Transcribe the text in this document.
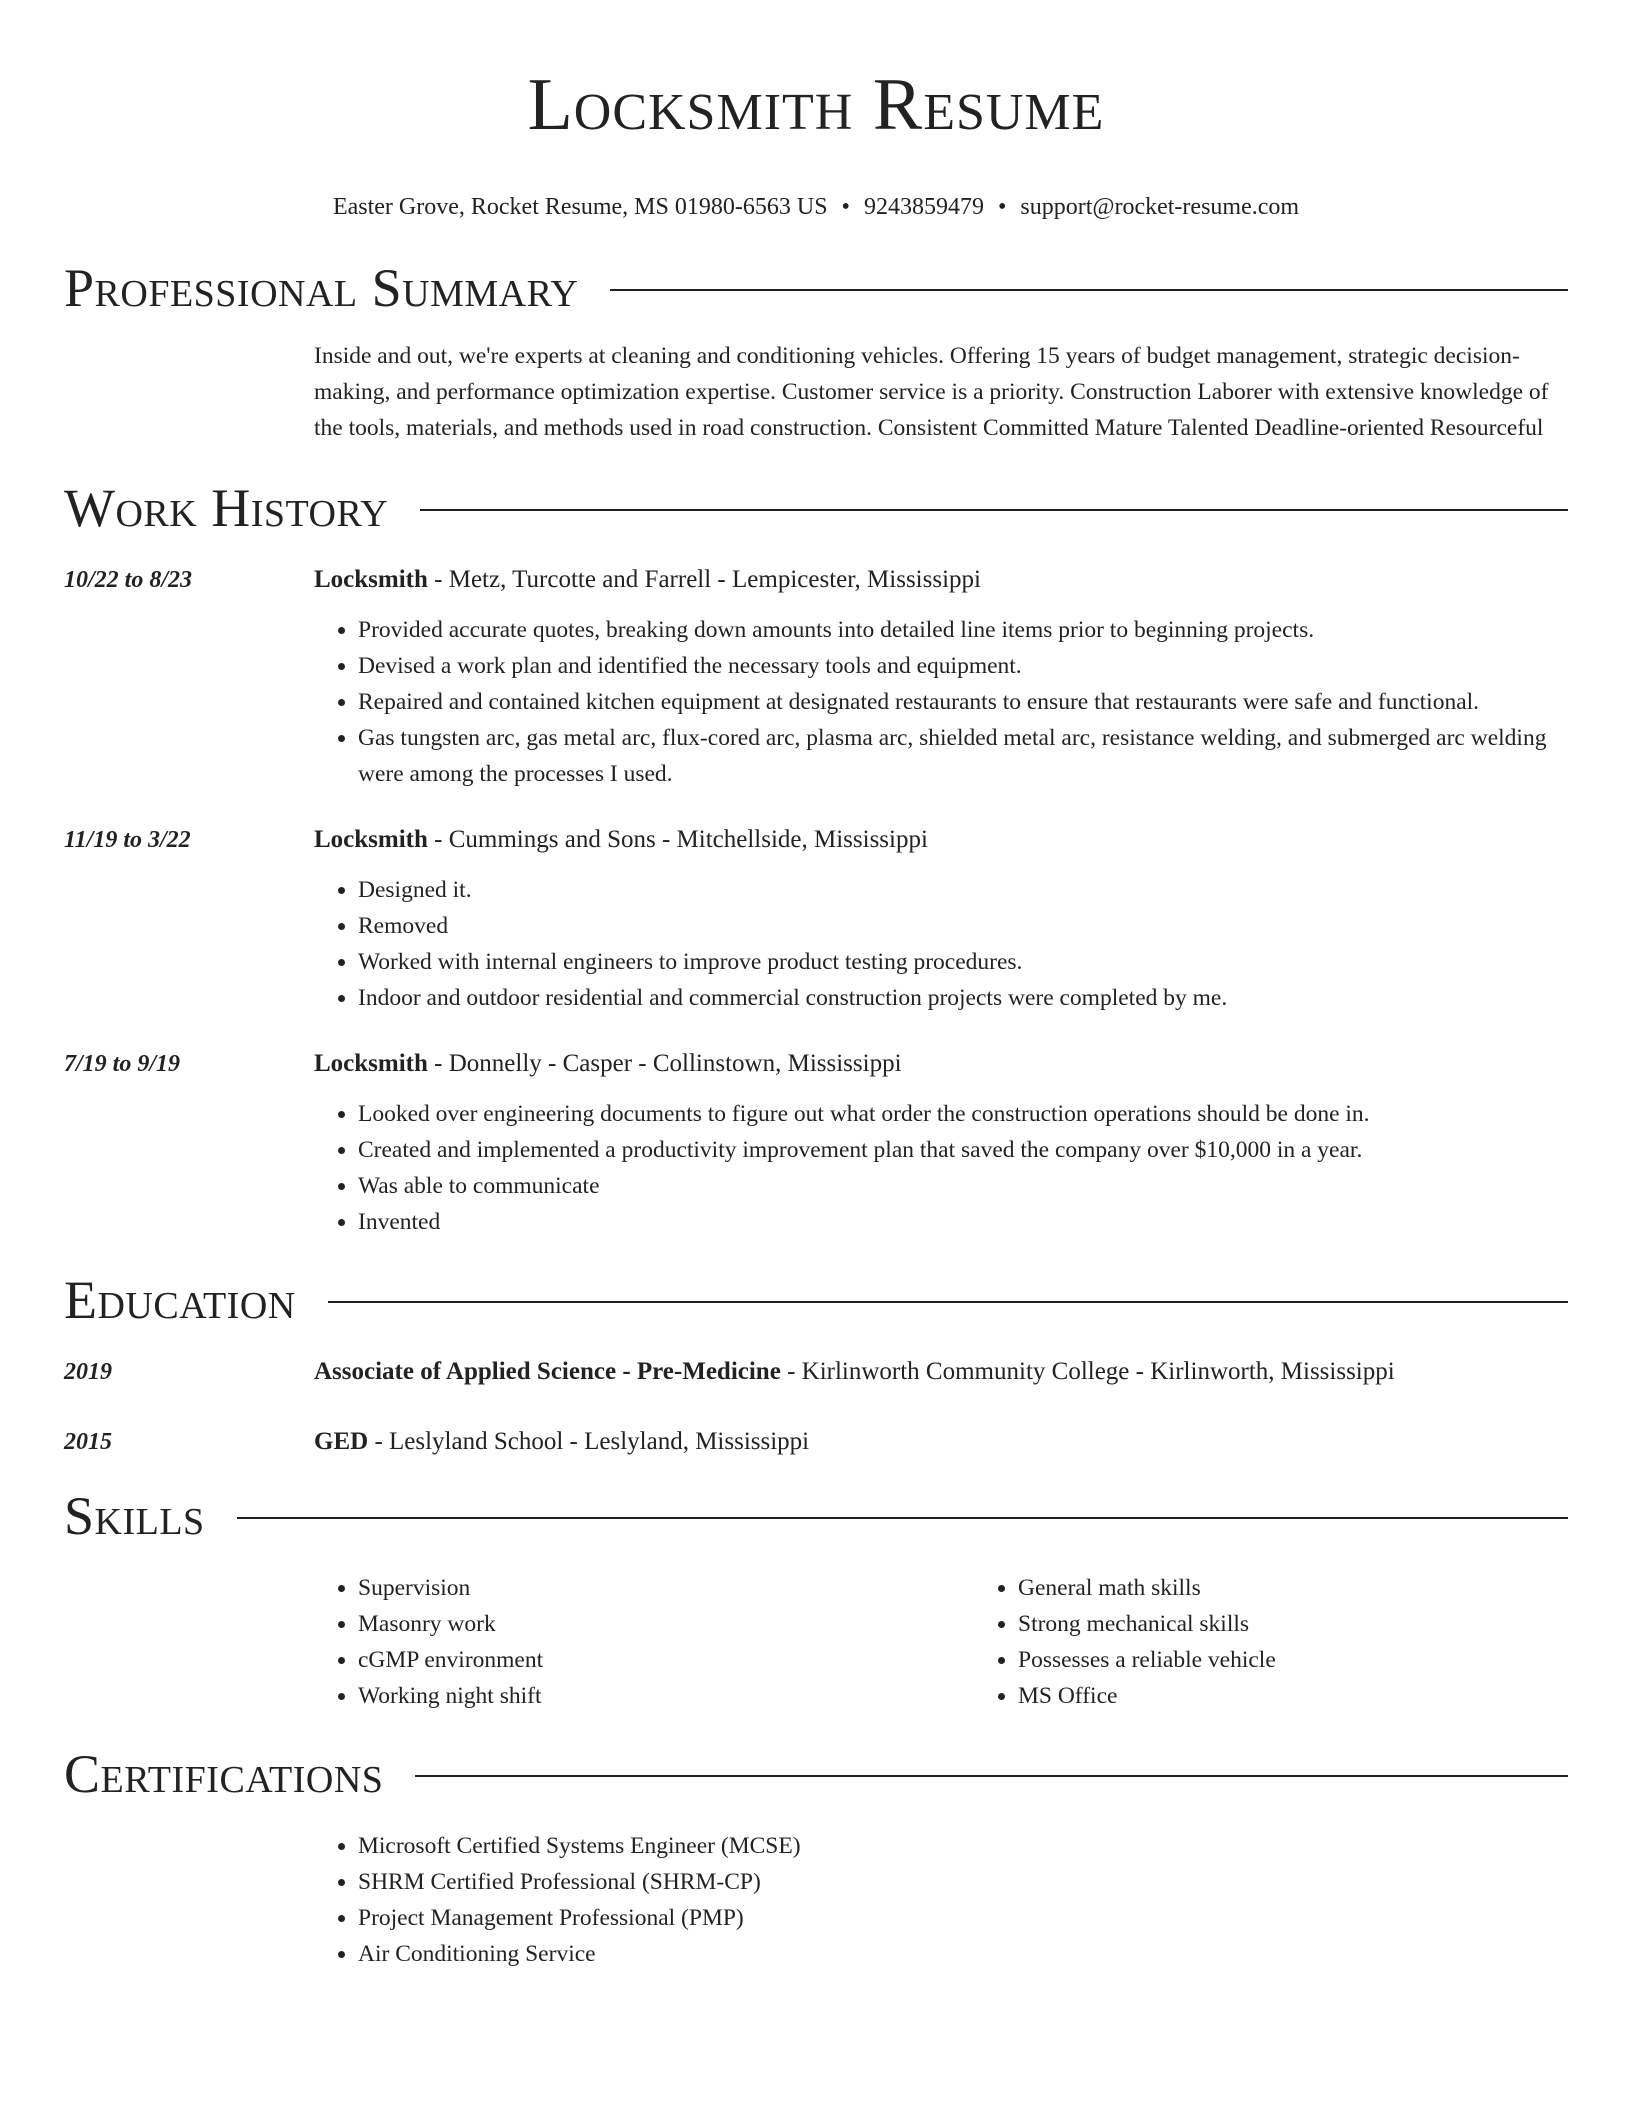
Locksmith Resume
Easter Grove, Rocket Resume, MS 01980-6563 US • 9243859479 • support@rocket-resume.com
Professional Summary
Inside and out, we're experts at cleaning and conditioning vehicles. Offering 15 years of budget management, strategic decision-making, and performance optimization expertise. Customer service is a priority. Construction Laborer with extensive knowledge of the tools, materials, and methods used in road construction. Consistent Committed Mature Talented Deadline-oriented Resourceful
Work History
10/22 to 8/23	Locksmith - Metz, Turcotte and Farrell - Lempicester, Mississippi
• Provided accurate quotes, breaking down amounts into detailed line items prior to beginning projects.
• Devised a work plan and identified the necessary tools and equipment.
• Repaired and contained kitchen equipment at designated restaurants to ensure that restaurants were safe and functional.
• Gas tungsten arc, gas metal arc, flux-cored arc, plasma arc, shielded metal arc, resistance welding, and submerged arc welding were among the processes I used.
11/19 to 3/22	Locksmith - Cummings and Sons - Mitchellside, Mississippi
• Designed it.
• Removed
• Worked with internal engineers to improve product testing procedures.
• Indoor and outdoor residential and commercial construction projects were completed by me.
7/19 to 9/19	Locksmith - Donnelly - Casper - Collinstown, Mississippi
• Looked over engineering documents to figure out what order the construction operations should be done in.
• Created and implemented a productivity improvement plan that saved the company over $10,000 in a year.
• Was able to communicate
• Invented
Education
2019	Associate of Applied Science - Pre-Medicine - Kirlinworth Community College - Kirlinworth, Mississippi
2015	GED - Leslyland School - Leslyland, Mississippi
Skills
• Supervision
• Masonry work
• cGMP environment
• Working night shift
• General math skills
• Strong mechanical skills
• Possesses a reliable vehicle
• MS Office
Certifications
• Microsoft Certified Systems Engineer (MCSE)
• SHRM Certified Professional (SHRM-CP)
• Project Management Professional (PMP)
• Air Conditioning Service
